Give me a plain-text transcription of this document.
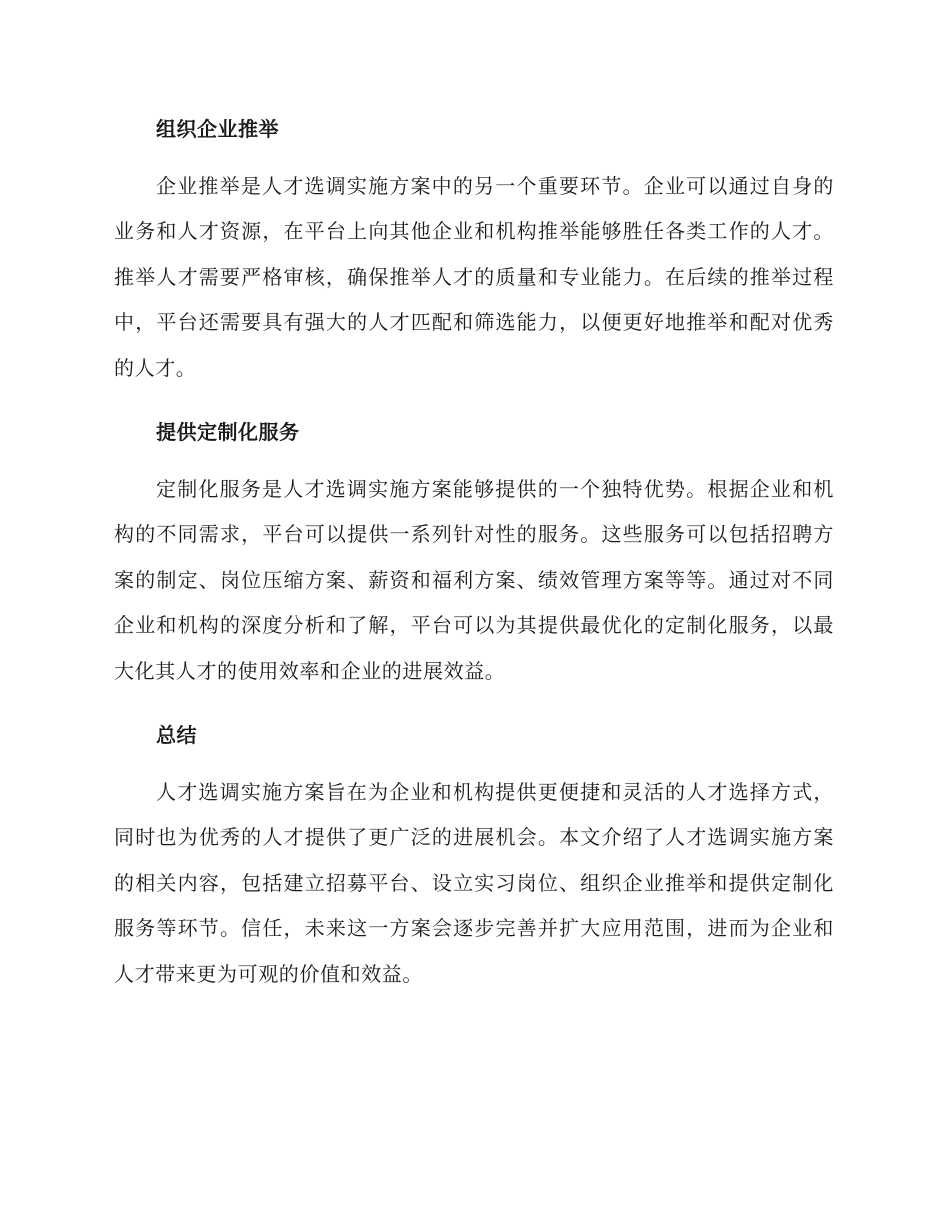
组织企业推举

企业推举是人才选调实施方案中的另一个重要环节。企业可以通过自身的业务和人才资源，在平台上向其他企业和机构推举能够胜任各类工作的人才。推举人才需要严格审核，确保推举人才的质量和专业能力。在后续的推举过程中，平台还需要具有强大的人才匹配和筛选能力，以便更好地推举和配对优秀的人才。

提供定制化服务

定制化服务是人才选调实施方案能够提供的一个独特优势。根据企业和机构的不同需求，平台可以提供一系列针对性的服务。这些服务可以包括招聘方案的制定、岗位压缩方案、薪资和福利方案、绩效管理方案等等。通过对不同企业和机构的深度分析和了解，平台可以为其提供最优化的定制化服务，以最大化其人才的使用效率和企业的进展效益。

总结

人才选调实施方案旨在为企业和机构提供更便捷和灵活的人才选择方式，同时也为优秀的人才提供了更广泛的进展机会。本文介绍了人才选调实施方案的相关内容，包括建立招募平台、设立实习岗位、组织企业推举和提供定制化服务等环节。信任，未来这一方案会逐步完善并扩大应用范围，进而为企业和人才带来更为可观的价值和效益。
